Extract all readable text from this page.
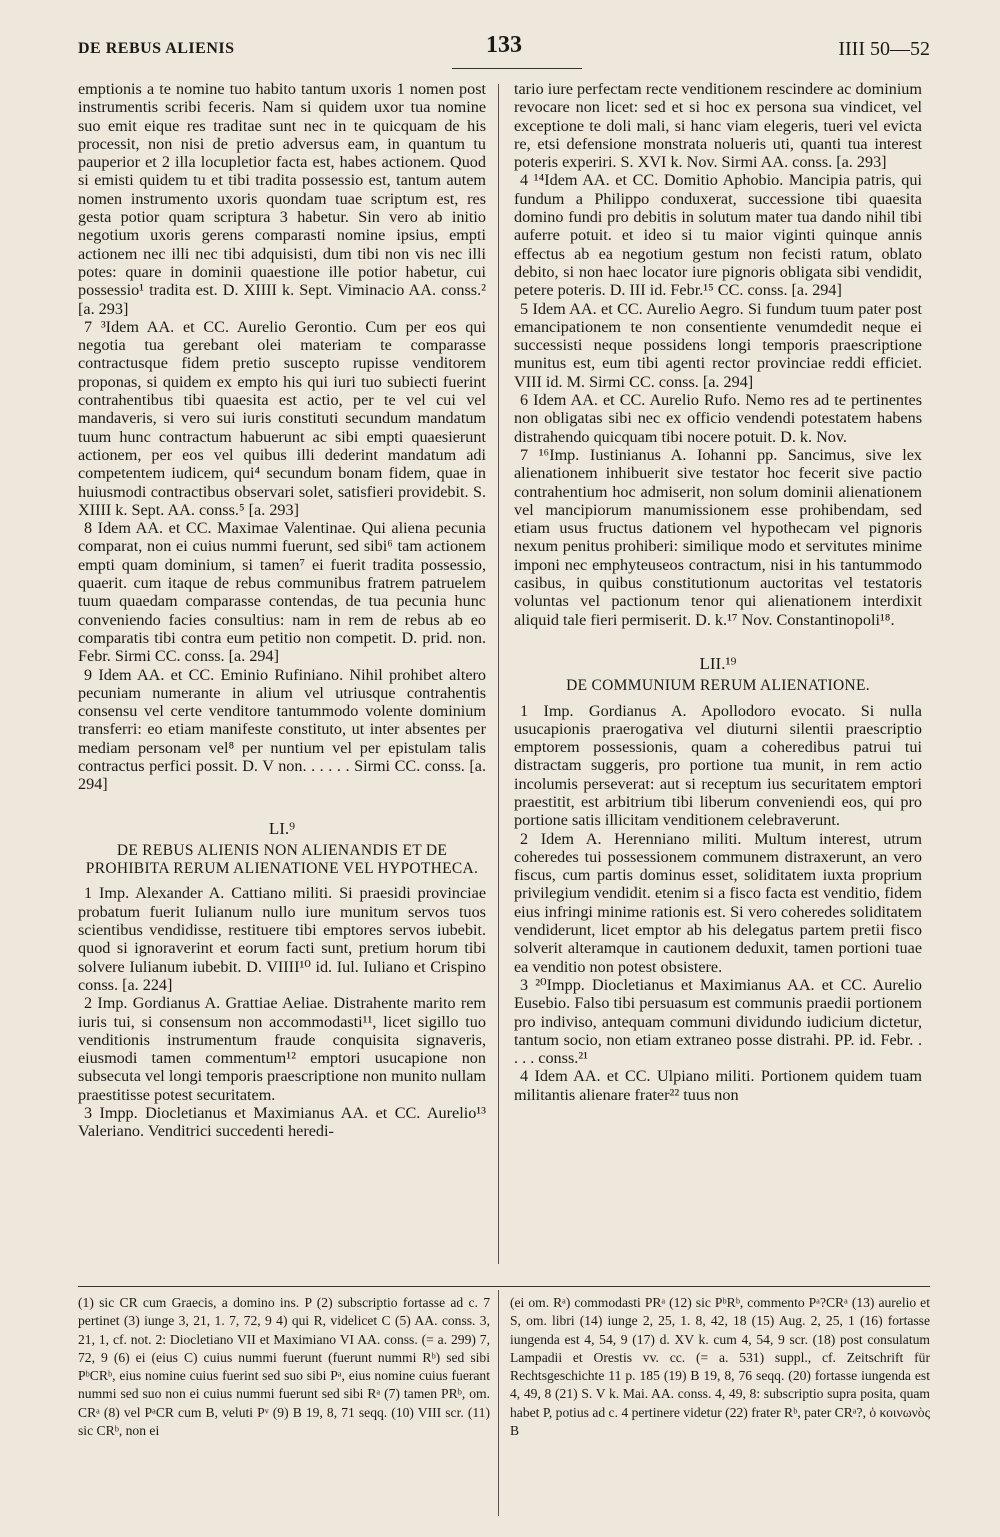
DE REBUS ALIENIS	133	IIII 50—52

emptionis a te nomine tuo habito tantum uxoris 1 nomen post instrumentis scribi feceris. Nam si quidem uxor tua nomine suo emit eique res traditae sunt nec in te quicquam de his processit, non nisi de pretio adversus eam, in quantum tu pauperior et 2 illa locupletior facta est, habes actionem. Quod si emisti quidem tu et tibi tradita possessio est, tantum autem nomen instrumento uxoris quondam tuae scriptum est, res gesta potior quam scriptura 3 habetur. Sin vero ab initio negotium uxoris gerens comparasti nomine ipsius, empti actionem nec illi nec tibi adquisisti, dum tibi non vis nec illi potes: quare in dominii quaestione ille potior habetur, cui possessio¹ tradita est. D. XIIII k. Sept. Viminacio AA. conss.² [a. 293]

7 ³Idem AA. et CC. Aurelio Gerontio. Cum per eos qui negotia tua gerebant olei materiam te comparasse contractusque fidem pretio suscepto rupisse venditorem proponas, si quidem ex empto his qui iuri tuo subiecti fuerint contrahentibus tibi quaesita est actio, per te vel cui vel mandaveris, si vero sui iuris constituti secundum mandatum tuum hunc contractum habuerunt ac sibi empti quaesierunt actionem, per eos vel quibus illi dederint mandatum adi competentem iudicem, qui⁴ secundum bonam fidem, quae in huiusmodi contractibus observari solet, satisfieri providebit. S. XIIII k. Sept. AA. conss.⁵ [a. 293]

8 Idem AA. et CC. Maximae Valentinae. Qui aliena pecunia comparat, non ei cuius nummi fuerunt, sed sibi⁶ tam actionem empti quam dominium, si tamen⁷ ei fuerit tradita possessio, quaerit. cum itaque de rebus communibus fratrem patruelem tuum quaedam comparasse contendas, de tua pecunia hunc conveniendo facies consultius: nam in rem de rebus ab eo comparatis tibi contra eum petitio non competit. D. prid. non. Febr. Sirmi CC. conss. [a. 294]

9 Idem AA. et CC. Eminio Rufiniano. Nihil prohibet altero pecuniam numerante in alium vel utriusque contrahentis consensu vel certe venditore tantummodo volente dominium transferri: eo etiam manifeste constituto, ut inter absentes per mediam personam vel⁸ per nuntium vel per epistulam talis contractus perfici possit. D. V non. . . . . . Sirmi CC. conss. [a. 294]

LI.⁹

DE REBUS ALIENIS NON ALIENANDIS ET DE PROHIBITA RERUM ALIENATIONE VEL HYPOTHECA.

1 Imp. Alexander A. Cattiano militi. Si praesidi provinciae probatum fuerit Iulianum nullo iure munitum servos tuos scientibus vendidisse, restituere tibi emptores servos iubebit. quod si ignoraverint et eorum facti sunt, pretium horum tibi solvere Iulianum iubebit. D. VIIII¹⁰ id. Iul. Iuliano et Crispino conss. [a. 224]

2 Imp. Gordianus A. Grattiae Aeliae. Distrahente marito rem iuris tui, si consensum non accommodasti¹¹, licet sigillo tuo venditionis instrumentum fraude conquisita signaveris, eiusmodi tamen commentum¹² emptori usucapione non subsecuta vel longi temporis praescriptione non munito nullam praestitisse potest securitatem.

3 Impp. Diocletianus et Maximianus AA. et CC. Aurelio¹³ Valeriano. Venditrici succedenti heredi-

tario iure perfectam recte venditionem rescindere ac dominium revocare non licet: sed et si hoc ex persona sua vindicet, vel exceptione te doli mali, si hanc viam elegeris, tueri vel evicta re, etsi defensione monstrata nolueris uti, quanti tua interest poteris experiri. S. XVI k. Nov. Sirmi AA. conss. [a. 293]

4 ¹⁴Idem AA. et CC. Domitio Aphobio. Mancipia patris, qui fundum a Philippo conduxerat, successione tibi quaesita domino fundi pro debitis in solutum mater tua dando nihil tibi auferre potuit. et ideo si tu maior viginti quinque annis effectus ab ea negotium gestum non fecisti ratum, oblato debito, si non haec locator iure pignoris obligata sibi vendidit, petere poteris. D. III id. Febr.¹⁵ CC. conss. [a. 294]

5 Idem AA. et CC. Aurelio Aegro. Si fundum tuum pater post emancipationem te non consentiente venumdedit neque ei successisti neque possidens longi temporis praescriptione munitus est, eum tibi agenti rector provinciae reddi efficiet. VIII id. M. Sirmi CC. conss. [a. 294]

6 Idem AA. et CC. Aurelio Rufo. Nemo res ad te pertinentes non obligatas sibi nec ex officio vendendi potestatem habens distrahendo quicquam tibi nocere potuit. D. k. Nov.

7 ¹⁶Imp. Iustinianus A. Iohanni pp. Sancimus, sive lex alienationem inhibuerit sive testator hoc fecerit sive pactio contrahentium hoc admiserit, non solum dominii alienationem vel mancipiorum manumissionem esse prohibendam, sed etiam usus fructus dationem vel hypothecam vel pignoris nexum penitus prohiberi: similique modo et servitutes minime imponi nec emphyteuseos contractum, nisi in his tantummodo casibus, in quibus constitutionum auctoritas vel testatoris voluntas vel pactionum tenor qui alienationem interdixit aliquid tale fieri permiserit. D. k.¹⁷ Nov. Constantinopoli¹⁸.

LII.¹⁹

DE COMMUNIUM RERUM ALIENATIONE.

1 Imp. Gordianus A. Apollodoro evocato. Si nulla usucapionis praerogativa vel diuturni silentii praescriptio emptorem possessionis, quam a coheredibus patrui tui distractam suggeris, pro portione tua munit, in rem actio incolumis perseverat: aut si receptum ius securitatem emptori praestitit, est arbitrium tibi liberum conveniendi eos, qui pro portione satis illicitam venditionem celebraverunt.

2 Idem A. Herenniano militi. Multum interest, utrum coheredes tui possessionem communem distraxerunt, an vero fiscus, cum partis dominus esset, soliditatem iuxta proprium privilegium vendidit. etenim si a fisco facta est venditio, fidem eius infringi minime rationis est. Si vero coheredes soliditatem vendiderunt, licet emptor ab his delegatus partem pretii fisco solverit alteramque in cautionem deduxit, tamen portioni tuae ea venditio non potest obsistere.

3 ²⁰Impp. Diocletianus et Maximianus AA. et CC. Aurelio Eusebio. Falso tibi persuasum est communis praedii portionem pro indiviso, antequam communi dividundo iudicium dictetur, tantum socio, non etiam extraneo posse distrahi. PP. id. Febr. . . . . conss.²¹

4 Idem AA. et CC. Ulpiano militi. Portionem quidem tuam militantis alienare frater²² tuus non

(1) sic CR cum Graecis, a domino ins. P (2) subscriptio fortasse ad c. 7 pertinet (3) iunge 3, 21, 1. 7, 72, 9 4) qui R, videlicet C (5) AA. conss. 3, 21, 1, cf. not. 2: Diocletiano VII et Maximiano VI AA. conss. (= a. 299) 7, 72, 9 (6) ei (eius C) cuius nummi fuerunt (fuerunt nummi Rᵇ) sed sibi PᵇCRᵇ, eius nomine cuius fuerint sed suo sibi Pᵃ, eius nomine cuius fuerant nummi sed suo non ei cuius nummi fuerunt sed sibi Rᵃ (7) tamen PRᵇ, om. CRᵃ (8) vel PᵃCR cum B, veluti Pᵛ (9) B 19, 8, 71 seqq. (10) VIII scr. (11) sic CRᵇ, non ei

(ei om. Rᵃ) commodasti PRᵃ (12) sic PᵇRᵇ, commento Pᵃ?CRᵃ (13) aurelio et S, om. libri (14) iunge 2, 25, 1. 8, 42, 18 (15) Aug. 2, 25, 1 (16) fortasse iungenda est 4, 54, 9 (17) d. XV k. cum 4, 54, 9 scr. (18) post consulatum Lampadii et Orestis vv. cc. (= a. 531) suppl., cf. Zeitschrift für Rechtsgeschichte 11 p. 185 (19) B 19, 8, 76 seqq. (20) fortasse iungenda est 4, 49, 8 (21) S. V k. Mai. AA. conss. 4, 49, 8: subscriptio supra posita, quam habet P, potius ad c. 4 pertinere videtur (22) frater Rᵇ, pater CRᵃ?, ὁ κοινωνὸς B
